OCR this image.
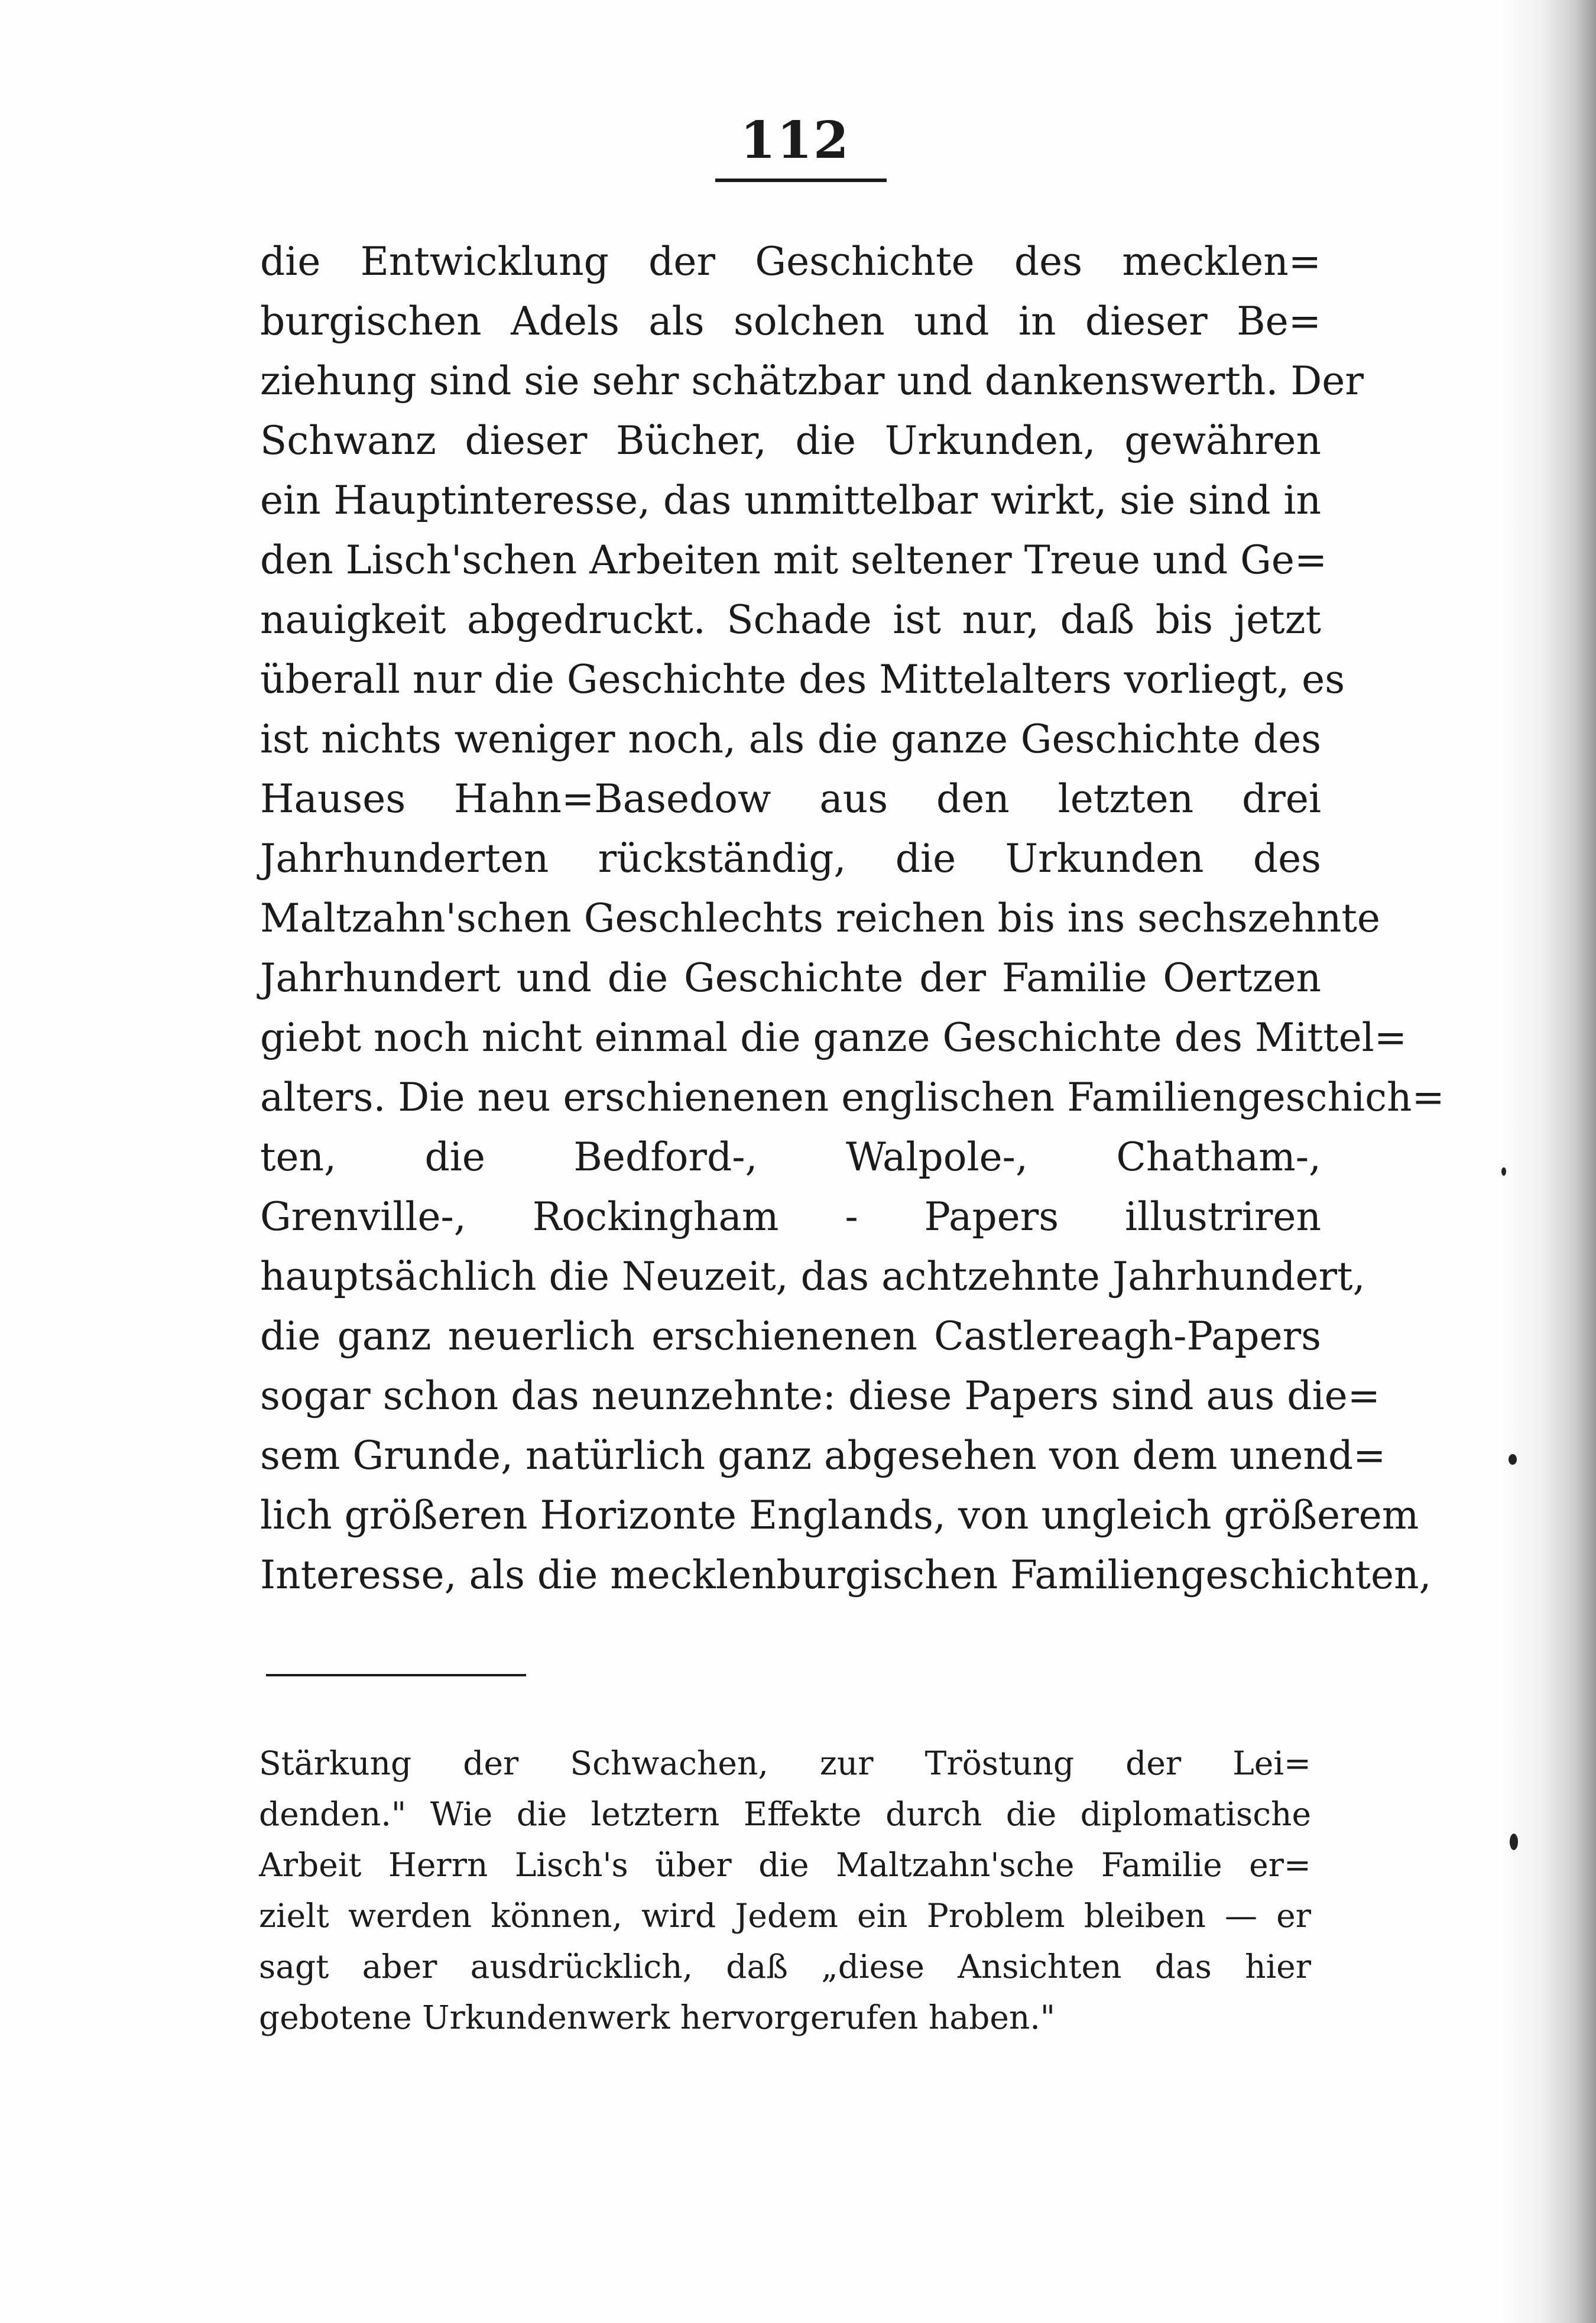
112
die Entwicklung der Geschichte des mecklen=
burgischen Adels als solchen und in dieser Be=
ziehung sind sie sehr schätzbar und dankenswerth. Der
Schwanz dieser Bücher, die Urkunden, gewähren
ein Hauptinteresse, das unmittelbar wirkt, sie sind in
den Lisch'schen Arbeiten mit seltener Treue und Ge=
nauigkeit abgedruckt. Schade ist nur, daß bis jetzt
überall nur die Geschichte des Mittelalters vorliegt, es
ist nichts weniger noch, als die ganze Geschichte des
Hauses Hahn=Basedow aus den letzten drei
Jahrhunderten rückständig, die Urkunden des
Maltzahn'schen Geschlechts reichen bis ins sechszehnte
Jahrhundert und die Geschichte der Familie Oertzen
giebt noch nicht einmal die ganze Geschichte des Mittel=
alters. Die neu erschienenen englischen Familiengeschich=
ten, die Bedford-, Walpole-, Chatham-,
Grenville-, Rockingham - Papers illustriren
hauptsächlich die Neuzeit, das achtzehnte Jahrhundert,
die ganz neuerlich erschienenen Castlereagh-Papers
sogar schon das neunzehnte: diese Papers sind aus die=
sem Grunde, natürlich ganz abgesehen von dem unend=
lich größeren Horizonte Englands, von ungleich größerem
Interesse, als die mecklenburgischen Familiengeschichten,
Stärkung der Schwachen, zur Tröstung der Lei=
denden." Wie die letztern Effekte durch die diplomatische
Arbeit Herrn Lisch's über die Maltzahn'sche Familie er=
zielt werden können, wird Jedem ein Problem bleiben — er
sagt aber ausdrücklich, daß „diese Ansichten das hier
gebotene Urkundenwerk hervorgerufen haben."
